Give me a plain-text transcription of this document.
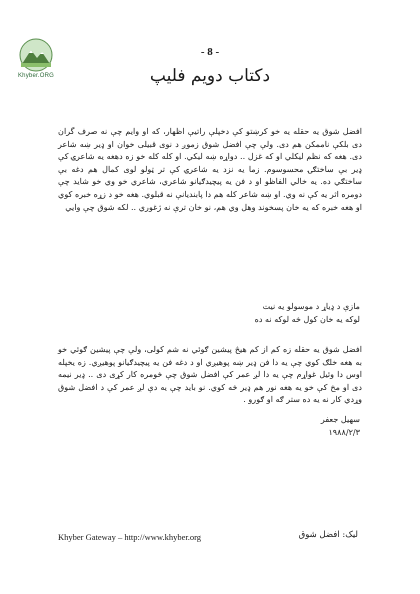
Khyber.ORG
- 8 -
دکتاب دویم فلیپ
افضل شوق یه حقله یه خو کرښتو کې دخپلې راتیې اظهار، که او وایم چې نه صرف گران دی بلکې ناممکن هم دی. ولې چې افضل شوق زموږ د نوی قبیلی خوان او ډیر ښه شاعر دی. هغه که نظم لیکلي او که غزل .. دواړه ښه لیکي. او کله کله خو زه دهغه یه شاعرۍ کې ډیر بې ساختګۍ محسوسوم. زما یه نزد یه شاعرۍ کې تر ټولو لوی کمال هم دغه بې ساختګي ده. یه خالي الفاظو او د فن یه پیچیدګیانو شاعري، شاعري خو وي خو شاید چې دومره اثر یه کې نه وي. او ښه شاعر کله هم دا پابندیانې نه قبلوي. هغه خو د زړه خبره کوي او هغه خبره که یه خان پسخوند وهل وي هم، نو خان ترې نه ژغوري .. لکه شوق چې وايي
مازې د ډیاړ د موسولو یه نیت
لوکه یه خان کول څه لوکه نه ده
افضل شوق یه حقله زه کم از کم هیڅ پیشین ګوئي نه شم کولی، ولې چې پیشین ګوئي خو به هغه خلګ کوي چې یه دا فن ډیر ښه پوهیږي او د دغه فن یه پیچیدګیانو پوهیږي. زه یخپله اوس دا وئیل غواړم چې یه دا لږ عمر کې افضل شوق چې څومره کار کړی دی .. ډیر نیمه دی او مخ کې خو یه هغه نور هم ډیر څه کوي. نو باید چې یه دې لږ عمر کې د افضل شوق وړدي کار نه یه ده ستر ګه او ګورو .
سهیل جعفر
۱۹۸۸/۲/۳
Khyber Gateway – http://www.khyber.org	لیک: افضل شوق
